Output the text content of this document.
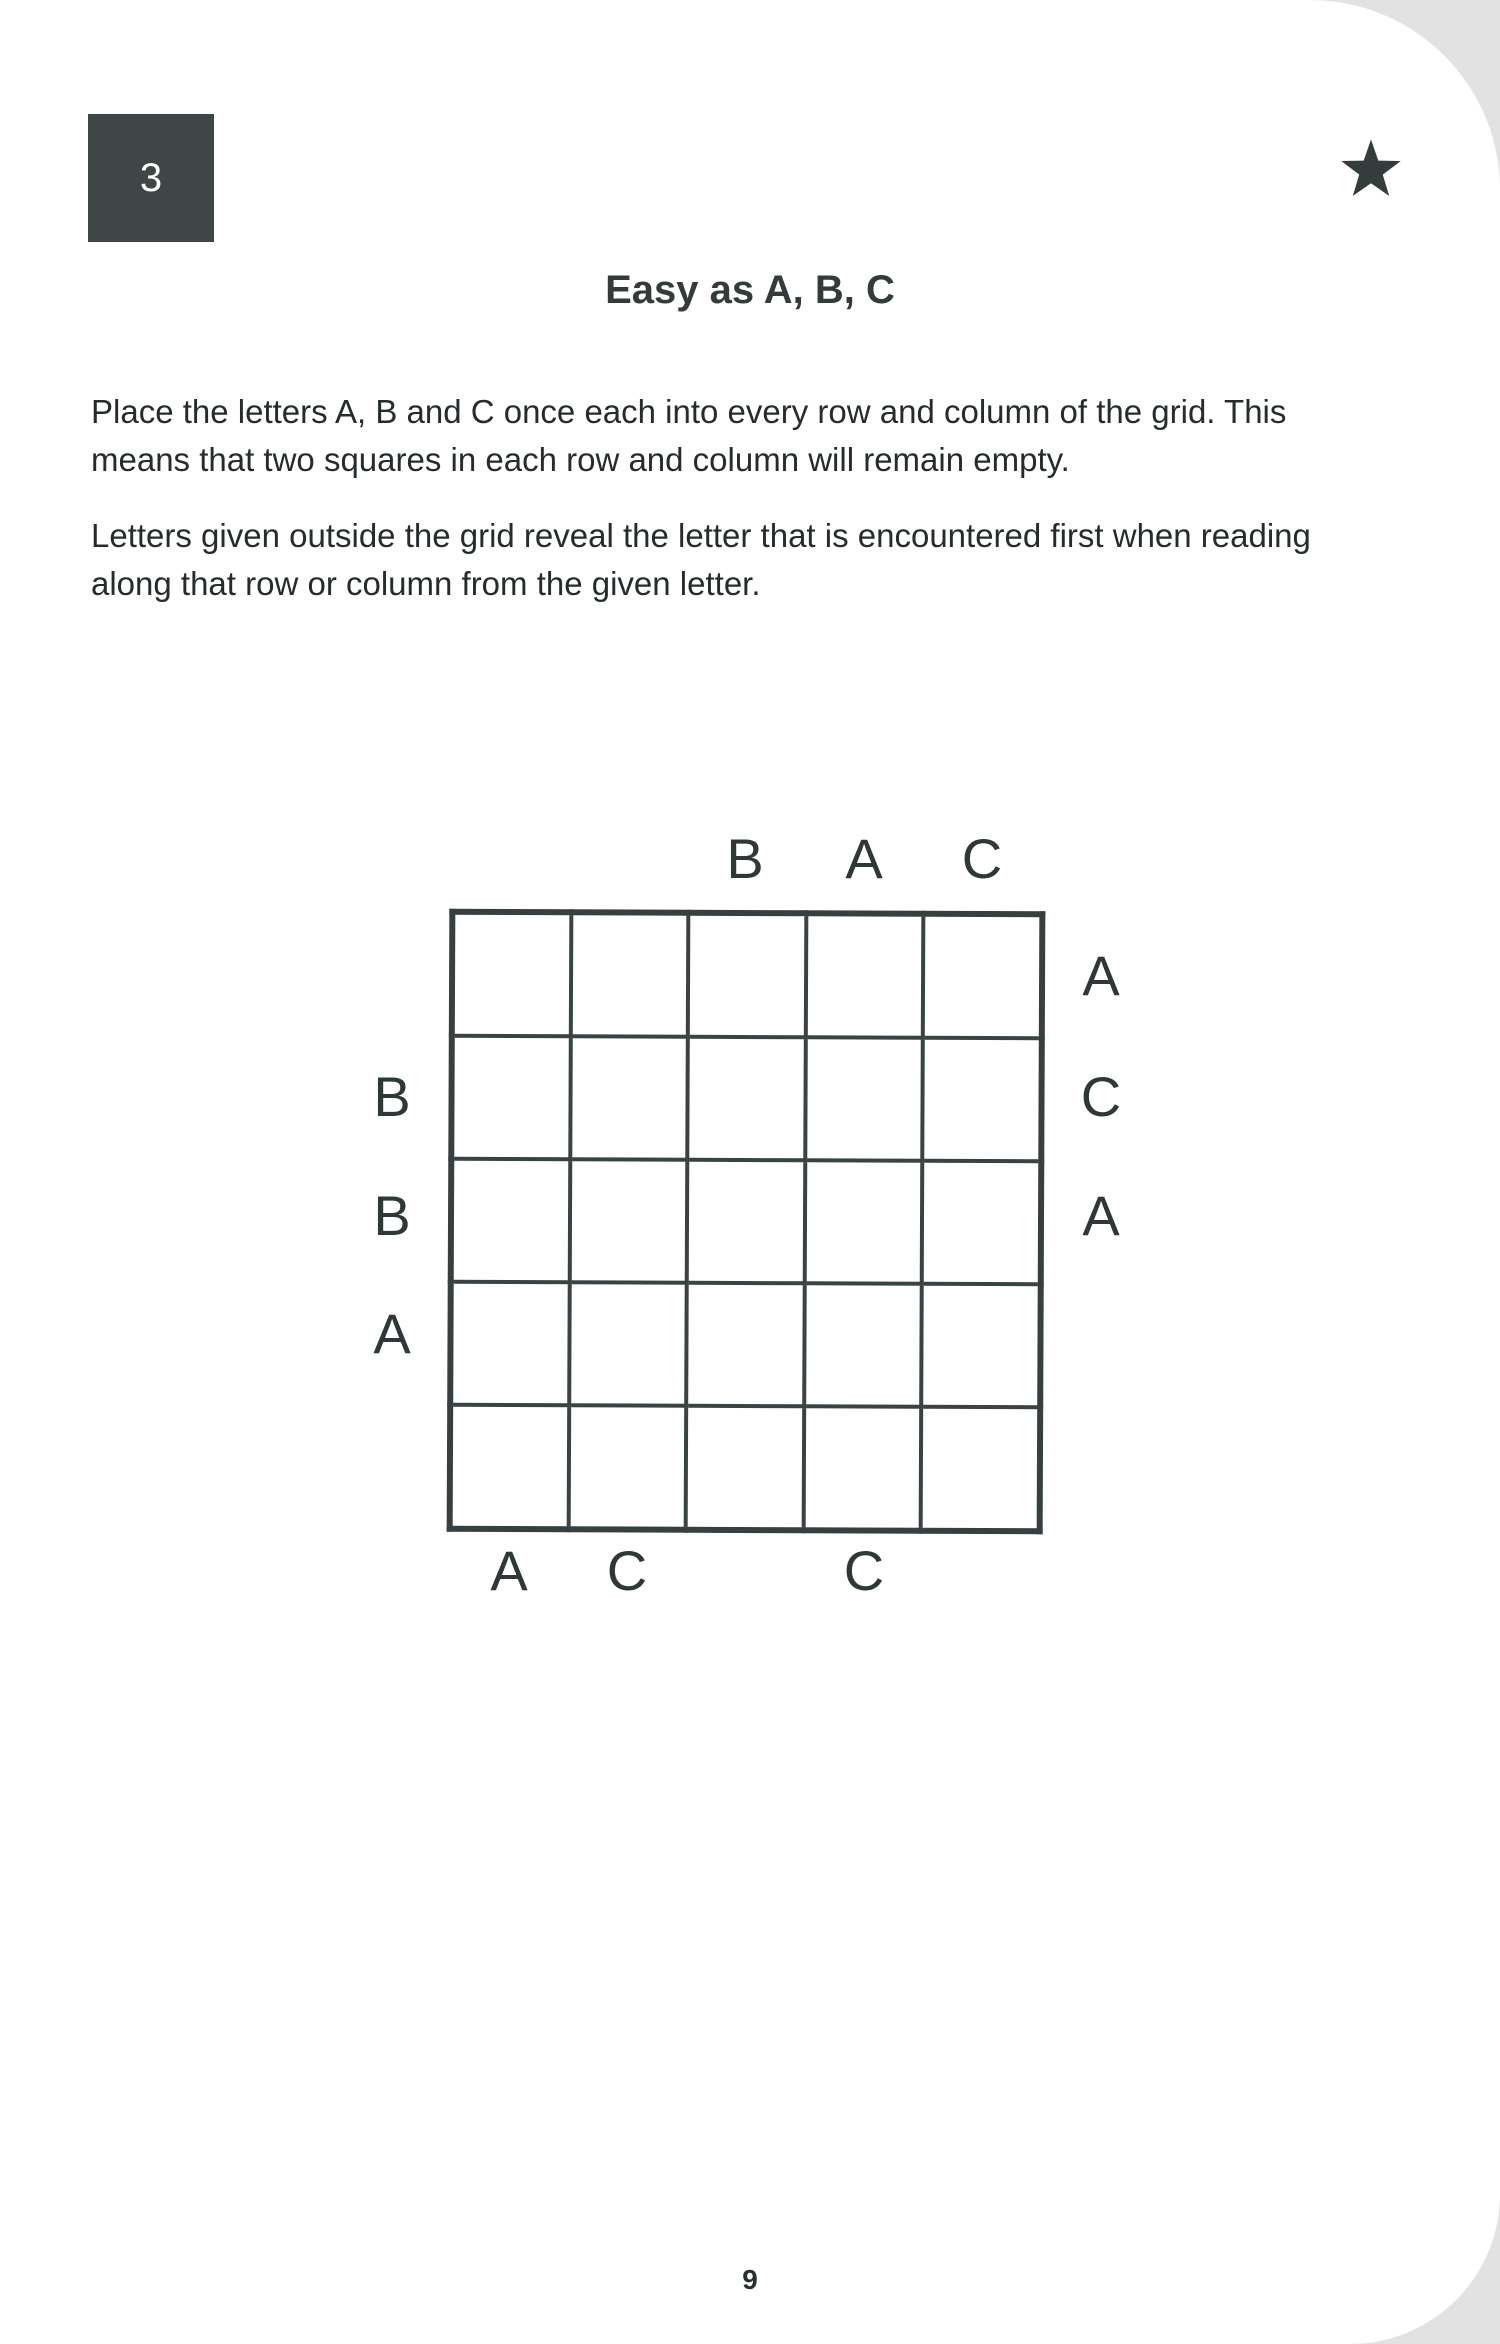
3
Easy as A, B, C

Place the letters A, B and C once each into every row and column of the grid. This means that two squares in each row and column will remain empty.

Letters given outside the grid reveal the letter that is encountered first when reading along that row or column from the given letter.

B	A	C
A	C	C
B
B
A
A
C
A
9
